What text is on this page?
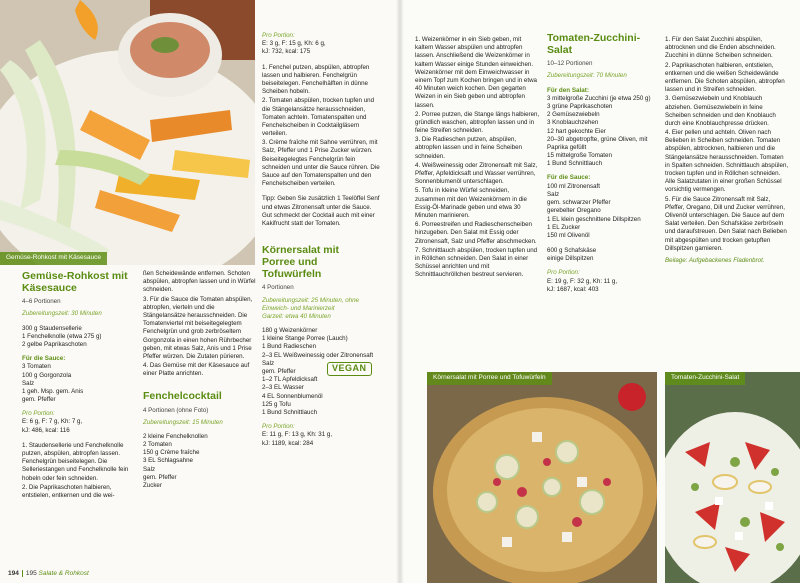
Gemüse-Rohkost mit Käsesauce
Gemüse-Rohkost mit Käsesauce
4–6 Portionen
Zubereitungszeit: 30 Minuten
300 g Staudensellerie
1 Fenchelknolle (etwa 275 g)
2 gelbe Paprikaschoten
Für die Sauce:
3 Tomaten
100 g Gorgonzola
Salz
1 geh. Msp. gem. Anis
gem. Pfeffer
Pro Portion:
E: 6 g, F: 7 g, Kh: 7 g,
kJ: 486, kcal: 116
1. Staudensellerie und Fenchelknolle putzen, abspülen, abtropfen lassen. Fenchelgrün beiseitelegen. Die Selleriestangen und Fenchelknolle fein hobeln oder fein schneiden.
2. Die Paprikaschoten halbieren, entstielen, entkernen und die wei-
ßen Scheidewände entfernen. Schoten abspülen, abtropfen lassen und in Würfel schneiden.
3. Für die Sauce die Tomaten abspülen, abtropfen, vierteln und die Stängelansätze herausschneiden. Die Tomatenviertel mit beiseitegelegtem Fenchelgrün und grob zerbröseltem Gorgonzola in einen hohen Rührbecher geben, mit etwas Salz, Anis und 1 Prise Pfeffer würzen. Die Zutaten pürieren.
4. Das Gemüse mit der Käsesauce auf einer Platte anrichten.
Fenchelcocktail
4 Portionen (ohne Foto)
Zubereitungszeit: 15 Minuten
2 kleine Fenchelknollen
2 Tomaten
150 g Crème fraîche
3 EL Schlagsahne
Salz
gem. Pfeffer
Zucker
Pro Portion:
E: 3 g, F: 15 g, Kh: 6 g,
kJ: 732, kcal: 175
1. Fenchel putzen, abspülen, abtropfen lassen und halbieren. Fenchelgrün beiseitelegen. Fenchelhälften in dünne Scheiben hobeln.
2. Tomaten abspülen, trocken tupfen und die Stängelansätze herausschneiden, Tomaten achteln. Tomatenspalten und Fenchelscheiben in Cocktailgläsern verteilen.
3. Crème fraîche mit Sahne verrühren, mit Salz, Pfeffer und 1 Prise Zucker würzen. Beiseitegelegtes Fenchelgrün fein schneiden und unter die Sauce rühren. Die Sauce auf den Tomatenspalten und den Fenchelscheiben verteilen.
Tipp: Geben Sie zusätzlich 1 Teelöffel Senf und etwas Zitronensaft unter die Sauce. Gut schmeckt der Cocktail auch mit einer Kakifrucht statt der Tomaten.
Körnersalat mit Porree und Tofuwürfeln
4 Portionen
Zubereitungszeit: 25 Minuten, ohne Einweich- und Marinierzeit
Garzeit: etwa 40 Minuten
180 g Weizenkörner
1 kleine Stange Porree (Lauch)
1 Bund Radieschen
2–3 EL Weißweinessig oder Zitronensaft
Salz
gem. Pfeffer
1–2 TL Apfeldicksaft
2–3 EL Wasser
4 EL Sonnenblumenöl
125 g Tofu
1 Bund Schnittlauch
Pro Portion:
E: 11 g, F: 13 g, Kh: 31 g,
kJ: 1189, kcal: 284
VEGAN
194 195 Salate & Rohkost
1. Weizenkörner in ein Sieb geben, mit kaltem Wasser abspülen und abtropfen lassen. Anschließend die Weizenkörner in kaltem Wasser einige Stunden einweichen. Weizenkörner mit dem Einweichwasser in einem Topf zum Kochen bringen und in etwa 40 Minuten weich kochen. Den gegarten Weizen in ein Sieb geben und abtropfen lassen.
2. Porree putzen, die Stange längs halbieren, gründlich waschen, abtropfen lassen und in feine Streifen schneiden.
3. Die Radieschen putzen, abspülen, abtropfen lassen und in feine Scheiben schneiden.
4. Weißweinessig oder Zitronensaft mit Salz, Pfeffer, Apfeldicksaft und Wasser verrühren, Sonnenblumenöl unterschlagen.
5. Tofu in kleine Würfel schneiden, zusammen mit den Weizenkörnern in die Essig-Öl-Marinade geben und etwa 30 Minuten marinieren.
6. Porreestreifen und Radieschenscheiben hinzugeben. Den Salat mit Essig oder Zitronensaft, Salz und Pfeffer abschmecken.
7. Schnittlauch abspülen, trocken tupfen und in Röllchen schneiden. Den Salat in einer Schüssel anrichten und mit Schnittlauchröllchen bestreut servieren.
Tomaten-Zucchini-Salat
10–12 Portionen
Zubereitungszeit: 70 Minuten
Für den Salat:
3 mittelgroße Zucchini (je etwa 250 g)
3 grüne Paprikaschoten
2 Gemüsezwiebeln
3 Knoblauchzehen
12 hart gekochte Eier
20–30 abgetropfte, grüne Oliven, mit Paprika gefüllt
15 mittelgroße Tomaten
1 Bund Schnittlauch
Für die Sauce:
100 ml Zitronensaft
Salz
gem. schwarzer Pfeffer
gerebelter Oregano
1 EL klein geschnittene Dillspitzen
1 EL Zucker
150 ml Olivenöl
600 g Schafskäse
einige Dillspitzen
Pro Portion:
E: 19 g, F: 32 g, Kh: 11 g,
kJ: 1687, kcal: 403
1. Für den Salat Zucchini abspülen, abtrocknen und die Enden abschneiden. Zucchini in dünne Scheiben schneiden.
2. Paprikaschoten halbieren, entstielen, entkernen und die weißen Scheidewände entfernen. Die Schoten abspülen, abtropfen lassen und in Streifen schneiden.
3. Gemüsezwiebeln und Knoblauch abziehen. Gemüsezwiebeln in feine Scheiben schneiden und den Knoblauch durch eine Knoblauchpresse drücken.
4. Eier pellen und achteln. Oliven nach Belieben in Scheiben schneiden. Tomaten abspülen, abtrocknen, halbieren und die Stängelansätze herausschneiden. Tomaten in Spalten schneiden. Schnittlauch abspülen, trocken tupfen und in Röllchen schneiden. Alle Salatzutaten in einer großen Schüssel vorsichtig vermengen.
5. Für die Sauce Zitronensaft mit Salz, Pfeffer, Oregano, Dill und Zucker verrühren, Olivenöl unterschlagen. Die Sauce auf dem Salat verteilen. Den Schafskäse zerbröseln und daraufstreuen. Den Salat nach Belieben mit abgespülten und trocken getupften Dillspitzen garnieren.
Beilage: Aufgebackenes Fladenbrot.
Körnersalat mit Porree und Tofuwürfeln	Tomaten-Zucchini-Salat
